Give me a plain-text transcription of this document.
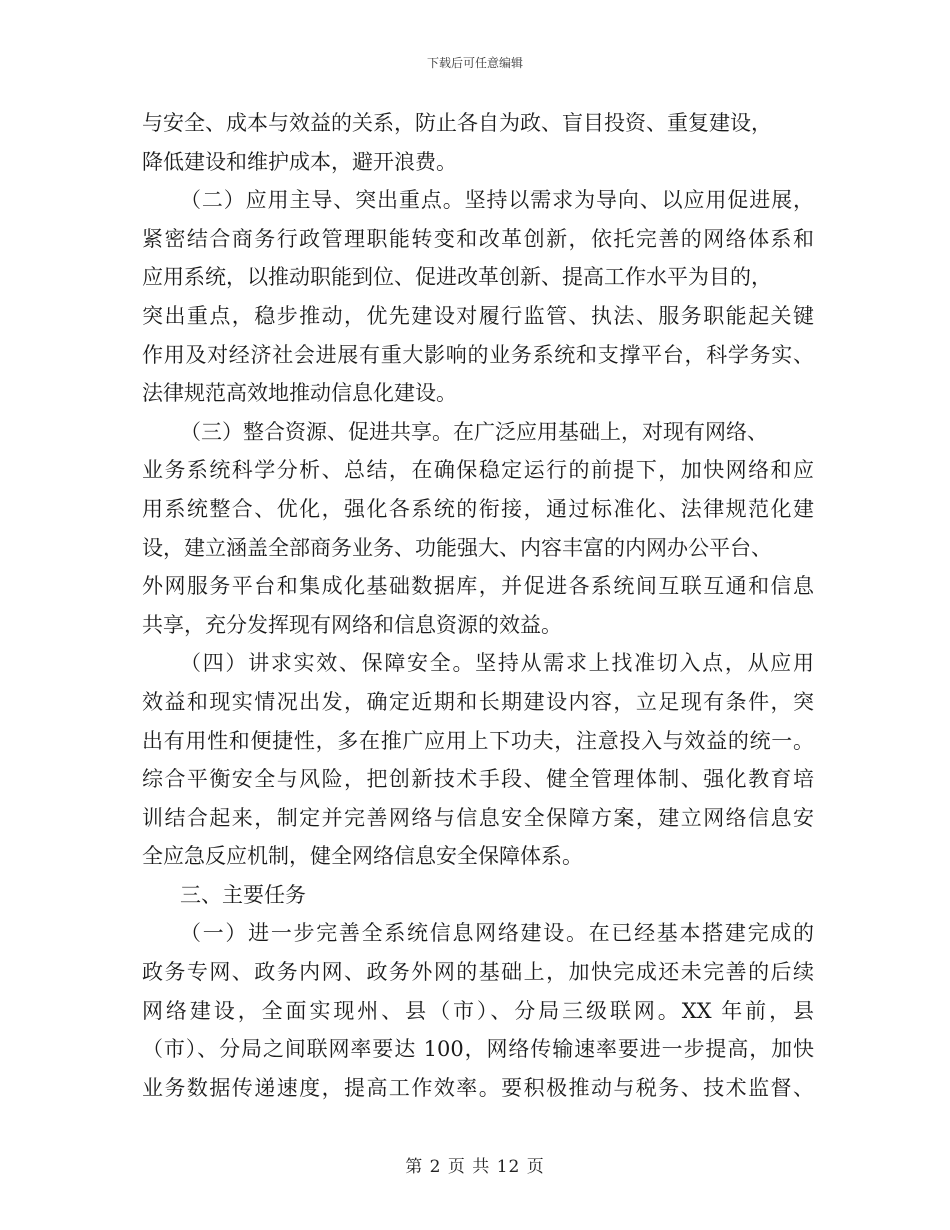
下载后可任意编辑
与安全、成本与效益的关系，防止各自为政、盲目投资、重复建设，
降低建设和维护成本，避开浪费。
（二）应用主导、突出重点。坚持以需求为导向、以应用促进展，
紧密结合商务行政管理职能转变和改革创新，依托完善的网络体系和
应用系统，以推动职能到位、促进改革创新、提高工作水平为目的，
突出重点，稳步推动，优先建设对履行监管、执法、服务职能起关键
作用及对经济社会进展有重大影响的业务系统和支撑平台，科学务实、
法律规范高效地推动信息化建设。
（三）整合资源、促进共享。在广泛应用基础上，对现有网络、
业务系统科学分析、总结，在确保稳定运行的前提下，加快网络和应
用系统整合、优化，强化各系统的衔接，通过标准化、法律规范化建
设，建立涵盖全部商务业务、功能强大、内容丰富的内网办公平台、
外网服务平台和集成化基础数据库，并促进各系统间互联互通和信息
共享，充分发挥现有网络和信息资源的效益。
（四）讲求实效、保障安全。坚持从需求上找准切入点，从应用
效益和现实情况出发，确定近期和长期建设内容，立足现有条件，突
出有用性和便捷性，多在推广应用上下功夫，注意投入与效益的统一。
综合平衡安全与风险，把创新技术手段、健全管理体制、强化教育培
训结合起来，制定并完善网络与信息安全保障方案，建立网络信息安
全应急反应机制，健全网络信息安全保障体系。
三、主要任务
（一）进一步完善全系统信息网络建设。在已经基本搭建完成的
政务专网、政务内网、政务外网的基础上，加快完成还未完善的后续
网络建设，全面实现州、县（市）、分局三级联网。XX 年前，县
（市）、分局之间联网率要达 100，网络传输速率要进一步提高，加快
业务数据传递速度，提高工作效率。要积极推动与税务、技术监督、
第 2 页 共 12 页
